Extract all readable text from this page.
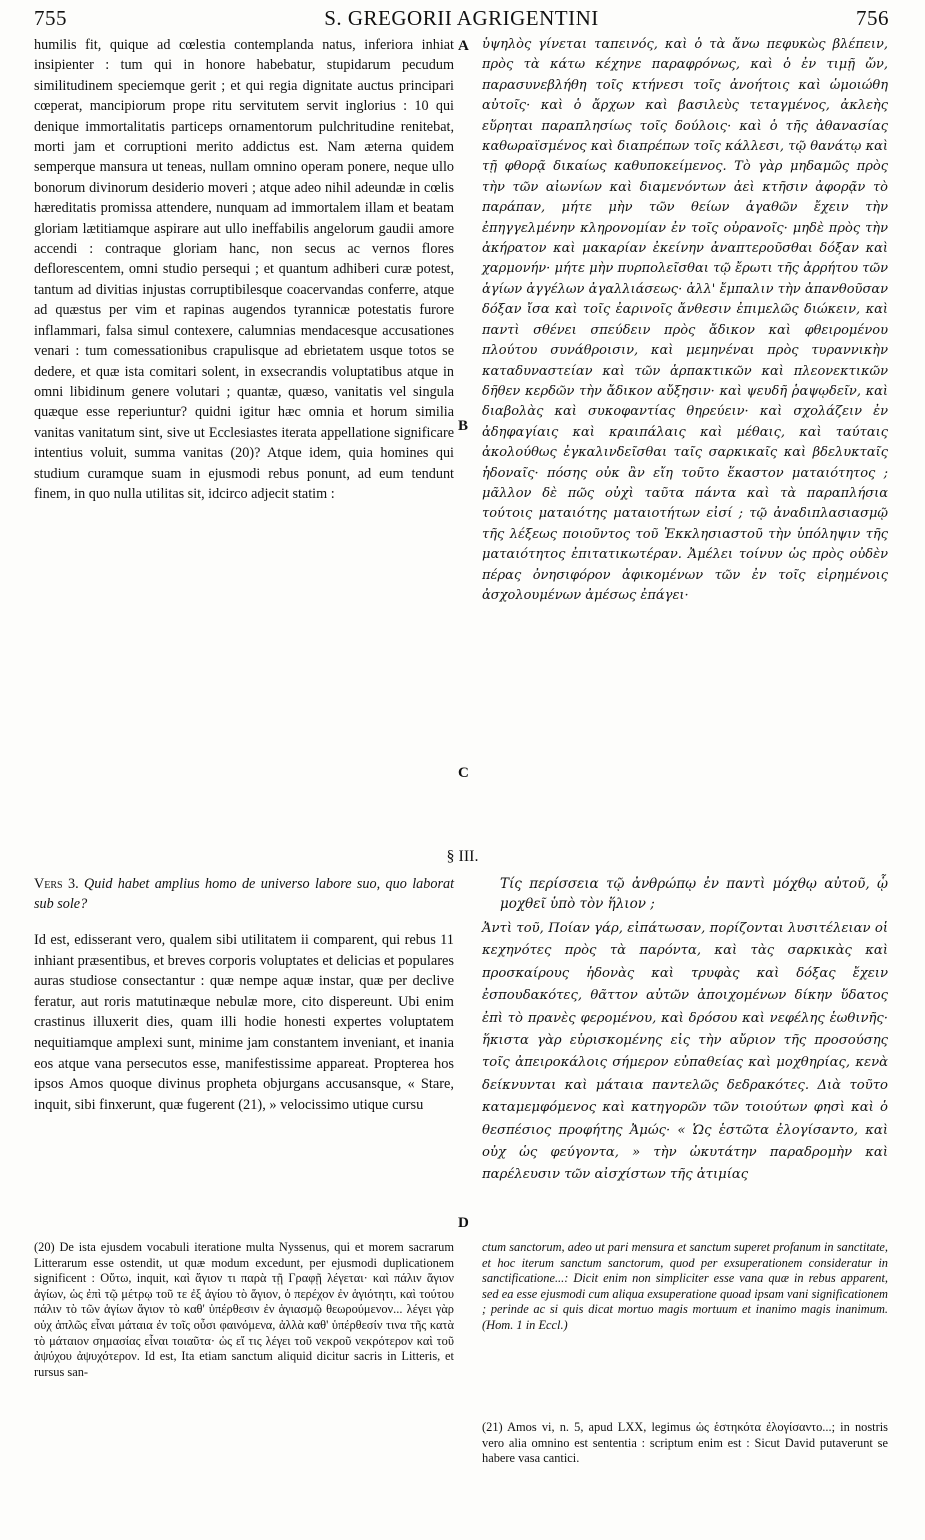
755	S. GREGORII AGRIGENTINI	756
A
B
C
D

humilis fit, quique ad cœlestia contemplanda natus, inferiora inhiat insipienter : tum qui in honore habebatur, stupidarum pecudum similitudinem speciemque gerit ; et qui regia dignitate auctus principari cœperat, mancipiorum prope ritu servitutem servit inglorius : 10 qui denique immortalitatis particeps ornamentorum pulchritudine renitebat, morti jam et corruptioni merito addictus est. Nam æterna quidem semperque mansura ut teneas, nullam omnino operam ponere, neque ullo bonorum divinorum desiderio moveri ; atque adeo nihil adeundæ in cœlis hæreditatis promissa attendere, nunquam ad immortalem illam et beatam gloriam lætitiamque aspirare aut ullo ineffabilis angelorum gaudii amore accendi : contraque gloriam hanc, non secus ac vernos flores deflorescentem, omni studio persequi ; et quantum adhiberi curæ potest, tantum ad divitias injustas corruptibilesque coacervandas conferre, atque ad quæstus per vim et rapinas augendos tyrannicæ potestatis furore inflammari, falsa simul contexere, calumnias mendacesque accusationes venari : tum comessationibus crapulisque ad ebrietatem usque totos se dedere, et quæ ista comitari solent, in exsecrandis voluptatibus atque in omni libidinum genere volutari ; quantæ, quæso, vanitatis vel singula quæque esse reperiuntur? quidni igitur hæc omnia et horum similia vanitas vanitatum sint, sive ut Ecclesiastes iterata appellatione significare intentius voluit, summa vanitas (20)? Atque idem, quia homines qui studium curamque suam in ejusmodi rebus ponunt, ad eum tendunt finem, in quo nulla utilitas sit, idcirco adjecit statim :

ὑψηλὸς γίνεται ταπεινός, καὶ ὁ τὰ ἄνω πεφυκὼς βλέπειν, πρὸς τὰ κάτω κέχηνε παραφρόνως, καὶ ὁ ἐν τιμῇ ὤν, παρασυνεβλήθη τοῖς κτήνεσι τοῖς ἀνοήτοις καὶ ὡμοιώθη αὐτοῖς· καὶ ὁ ἄρχων καὶ βασιλεὺς τεταγμένος, ἀκλεὴς εὕρηται παραπλησίως τοῖς δούλοις· καὶ ὁ τῆς ἀθανασίας καθωραϊσμένος καὶ διαπρέπων τοῖς κάλλεσι, τῷ θανάτῳ καὶ τῇ φθορᾷ δικαίως καθυποκείμενος. Τὸ γὰρ μηδαμῶς πρὸς τὴν τῶν αἰωνίων καὶ διαμενόντων ἀεὶ κτῆσιν ἀφορᾷν τὸ παράπαν, μήτε μὴν τῶν θείων ἀγαθῶν ἔχειν τὴν ἐπηγγελμένην κληρονομίαν ἐν τοῖς οὐρανοῖς· μηδὲ πρὸς τὴν ἀκήρατον καὶ μακαρίαν ἐκείνην ἀναπτεροῦσθαι δόξαν καὶ χαρμονήν· μήτε μὴν πυρπολεῖσθαι τῷ ἔρωτι τῆς ἀρρήτου τῶν ἁγίων ἀγγέλων ἀγαλλιάσεως· ἀλλ' ἔμπαλιν τὴν ἀπανθοῦσαν δόξαν ἴσα καὶ τοῖς ἐαρινοῖς ἄνθεσιν ἐπιμελῶς διώκειν, καὶ παντὶ σθένει σπεύδειν πρὸς ἄδικον καὶ φθειρομένου πλούτου συνάθροισιν, καὶ μεμηνέναι πρὸς τυραννικὴν καταδυναστείαν καὶ τῶν ἁρπακτικῶν καὶ πλεονεκτικῶν δῆθεν κερδῶν τὴν ἄδικον αὔξησιν· καὶ ψευδῆ ῥαψῳδεῖν, καὶ διαβολὰς καὶ συκοφαντίας θηρεύειν· καὶ σχολάζειν ἐν ἀδηφαγίαις καὶ κραιπάλαις καὶ μέθαις, καὶ ταύταις ἀκολούθως ἐγκαλινδεῖσθαι ταῖς σαρκικαῖς καὶ βδελυκταῖς ἡδοναῖς· πόσης οὐκ ἂν εἴη τοῦτο ἕκαστον ματαιότητος ; μᾶλλον δὲ πῶς οὐχὶ ταῦτα πάντα καὶ τὰ παραπλήσια τούτοις ματαιότης ματαιοτήτων εἰσί ; τῷ ἀναδιπλασιασμῷ τῆς λέξεως ποιοῦντος τοῦ Ἐκκλησιαστοῦ τὴν ὑπόληψιν τῆς ματαιότητος ἐπιτατικωτέραν. Ἀμέλει τοίνυν ὡς πρὸς οὐδὲν πέρας ὀνησιφόρον ἀφικομένων τῶν ἐν τοῖς εἰρημένοις ἀσχολουμένων ἀμέσως ἐπάγει·

§ III.
Vers 3. Quid habet amplius homo de universo labore suo, quo laborat sub sole?
Τίς περίσσεια τῷ ἀνθρώπῳ ἐν παντὶ μόχθῳ αὐτοῦ, ᾧ μοχθεῖ ὑπὸ τὸν ἥλιον ;

Id est, edisserant vero, qualem sibi utilitatem ii comparent, qui rebus 11 inhiant præsentibus, et breves corporis voluptates et delicias et populares auras studiose consectantur : quæ nempe aquæ instar, quæ per declive feratur, aut roris matutinæque nebulæ more, cito dispereunt. Ubi enim crastinus illuxerit dies, quam illi hodie honesti expertes voluptatem nequitiamque amplexi sunt, minime jam constantem inveniant, et inania eos atque vana persecutos esse, manifestissime appareat. Propterea hos ipsos Amos quoque divinus propheta objurgans accusansque, « Stare, inquit, sibi finxerunt, quæ fugerent (21), » velocissimo utique cursu

Ἀντὶ τοῦ, Ποίαν γάρ, εἰπάτωσαν, πορίζονται λυσιτέλειαν οἱ κεχηνότες πρὸς τὰ παρόντα, καὶ τὰς σαρκικὰς καὶ προσκαίρους ἡδονὰς καὶ τρυφὰς καὶ δόξας ἔχειν ἐσπουδακότες, θᾶττον αὐτῶν ἀποιχομένων δίκην ὕδατος ἐπὶ τὸ πρανὲς φερομένου, καὶ δρόσου καὶ νεφέλης ἑωθινῆς· ἥκιστα γὰρ εὑρισκομένης εἰς τὴν αὔριον τῆς προσούσης τοῖς ἀπειροκάλοις σήμερον εὐπαθείας καὶ μοχθηρίας, κενὰ δείκνυνται καὶ μάταια παντελῶς δεδρακότες. Διὰ τοῦτο καταμεμφόμενος καὶ κατηγορῶν τῶν τοιούτων φησὶ καὶ ὁ θεσπέσιος προφήτης Ἀμώς· « Ὡς ἑστῶτα ἐλογίσαντο, καὶ οὐχ ὡς φεύγοντα, » τὴν ὠκυτάτην παραδρομὴν καὶ παρέλευσιν τῶν αἰσχίστων τῆς ἀτιμίας

(20) De ista ejusdem vocabuli iteratione multa Nyssenus, qui et morem sacrarum Litterarum esse ostendit, ut quæ modum excedunt, per ejusmodi duplicationem significent : Οὕτω, inquit, καὶ ἅγιον τι παρὰ τῇ Γραφῇ λέγεται· καὶ πάλιν ἅγιον ἁγίων, ὡς ἐπὶ τῷ μέτρῳ τοῦ τε ἐξ ἁγίου τὸ ἅγιον, ὁ περέχον ἐν ἁγιότητι, καὶ τούτου πάλιν τὸ τῶν ἁγίων ἅγιον τὸ καθ' ὑπέρθεσιν ἐν ἁγιασμῷ θεωρούμενον... λέγει γὰρ οὐχ ἁπλῶς εἶναι μάταια ἐν τοῖς οὖσι φαινόμενα, ἀλλὰ καθ' ὑπέρθεσίν τινα τῆς κατὰ τὸ μάταιον σημασίας εἶναι τοιαῦτα· ὡς εἴ τις λέγει τοῦ νεκροῦ νεκρότερον καὶ τοῦ ἀψύχου ἀψυχότερον. Id est, Ita etiam sanctum aliquid dicitur sacris in Litteris, et rursus san-

ctum sanctorum, adeo ut pari mensura et sanctum superet profanum in sanctitate, et hoc iterum sanctum sanctorum, quod per exsuperationem consideratur in sanctificatione...: Dicit enim non simpliciter esse vana quæ in rebus apparent, sed ea esse ejusmodi cum aliqua exsuperatione quoad ipsam vani significationem ; perinde ac si quis dicat mortuo magis mortuum et inanimo magis inanimum. (Hom. 1 in Eccl.)

(21) Amos vi, n. 5, apud LXX, legimus ὡς ἑστηκότα ἐλογίσαντο...; in nostris vero alia omnino est sententia : scriptum enim est : Sicut David putaverunt se habere vasa cantici.
